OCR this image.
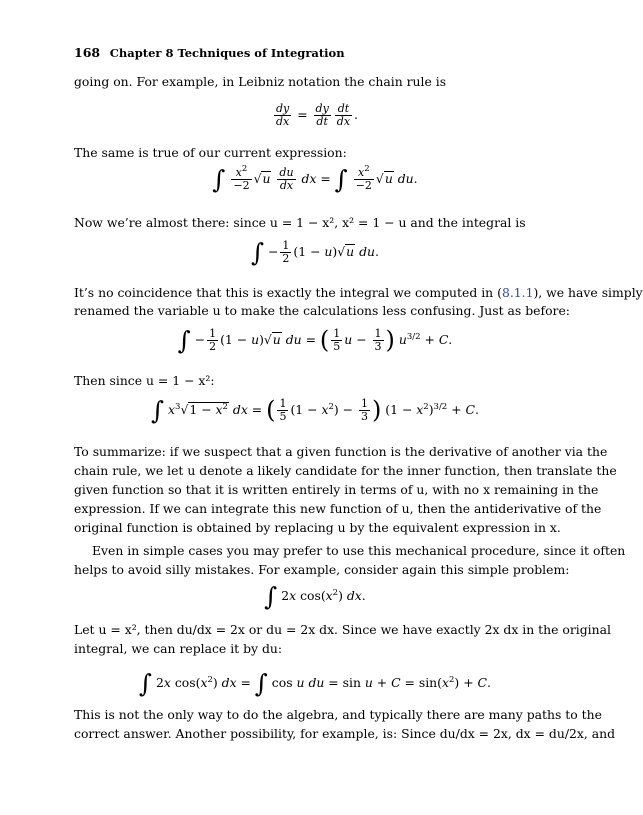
168 Chapter 8 Techniques of Integration
going on. For example, in Leibniz notation the chain rule is
$\frac{dy}{dx} = \frac{dy}{dt} \frac{dt}{dx}$ .
The same is true of our current expression:
∫ $\frac{x^2}{-2} √u \frac{du}{dx}$ dx = ∫ $\frac{x^2}{-2} √u$ du.
Now we’re almost there: since u = 1 − x², x² = 1 − u and the integral is
∫ − $\frac{1}{2} (1 - u)√u$ du.
It’s no coincidence that this is exactly the integral we computed in (8.1.1), we have simply
renamed the variable u to make the calculations less confusing. Just as before:
∫ − $\frac{1}{2} (1 - u)√u$ du = ( $\frac{1}{5}$ $u - \frac{1}{3}$ ) $u^{3/2} + C$.
Then since u = 1 − x²:
∫ $x^3√1 - x^2$ dx = ( $\frac{1}{5} (1 - x^2) - \frac{1}{3}$ ) $(1 - x^2)^{3/2} + C$.
To summarize: if we suspect that a given function is the derivative of another via the
chain rule, we let u denote a likely candidate for the inner function, then translate the
given function so that it is written entirely in terms of u, with no x remaining in the
expression. If we can integrate this new function of u, then the antiderivative of the
original function is obtained by replacing u by the equivalent expression in x.
Even in simple cases you may prefer to use this mechanical procedure, since it often
helps to avoid silly mistakes. For example, consider again this simple problem:
∫ 2x $\cos(x^2)$ dx.
Let u = x², then du/dx = 2x or du = 2x dx. Since we have exactly 2x dx in the original
integral, we can replace it by du:
∫ 2x $\cos(x^2)$ dx = ∫ cos u du = $\sin u + C = \sin(x^2) + C$.
This is not the only way to do the algebra, and typically there are many paths to the
correct answer. Another possibility, for example, is: Since du/dx = 2x, dx = du/2x, and
